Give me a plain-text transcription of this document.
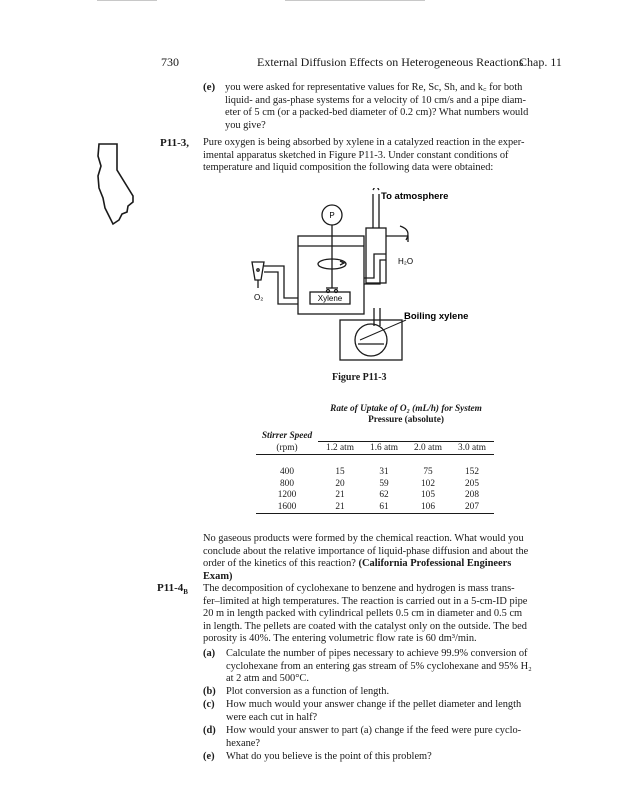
730	External Diffusion Effects on Heterogeneous Reactions
Chap. 11
(e) you were asked for representative values for Re, Sc, Sh, and k꜀ for both
liquid- and gas-phase systems for a velocity of 10 cm/s and a pipe diam-
eter of 5 cm (or a packed-bed diameter of 0.2 cm)? What numbers would
you give?
P11-3, Pure oxygen is being absorbed by xylene in a catalyzed reaction in the exper-
imental apparatus sketched in Figure P11-3. Under constant conditions of
temperature and liquid composition the following data were obtained:
To atmosphere
P
H₂O
Xylene
O₂
Boiling xylene
Figure P11-3
	Rate of Uptake of O₂ (mL/h) for System			
	Pressure (absolute)			
Stirrer Speed				
(rpm)	1.2 atm	1.6 atm	2.0 atm	3.0 atm

400	15	31	75	152
800	20	59	102	205
1200	21	62	105	208
1600	21	61	106	207
No gaseous products were formed by the chemical reaction. What would you
conclude about the relative importance of liquid-phase diffusion and about the
order of the kinetics of this reaction? (California Professional Engineers
Exam)
$P11-4_B$ The decomposition of cyclohexane to benzene and hydrogen is mass trans-
fer–limited at high temperatures. The reaction is carried out in a 5-cm-ID pipe
20 m in length packed with cylindrical pellets 0.5 cm in diameter and 0.5 cm
in length. The pellets are coated with the catalyst only on the outside. The bed
porosity is 40%. The entering volumetric flow rate is 60 dm³/min.
(a) Calculate the number of pipes necessary to achieve 99.9% conversion of
cyclohexane from an entering gas stream of 5% cyclohexane and 95% H₂
at 2 atm and 500°C.
(b) Plot conversion as a function of length.
(c) How much would your answer change if the pellet diameter and length
were each cut in half?
(d) How would your answer to part (a) change if the feed were pure cyclo-
hexane?
(e) What do you believe is the point of this problem?
